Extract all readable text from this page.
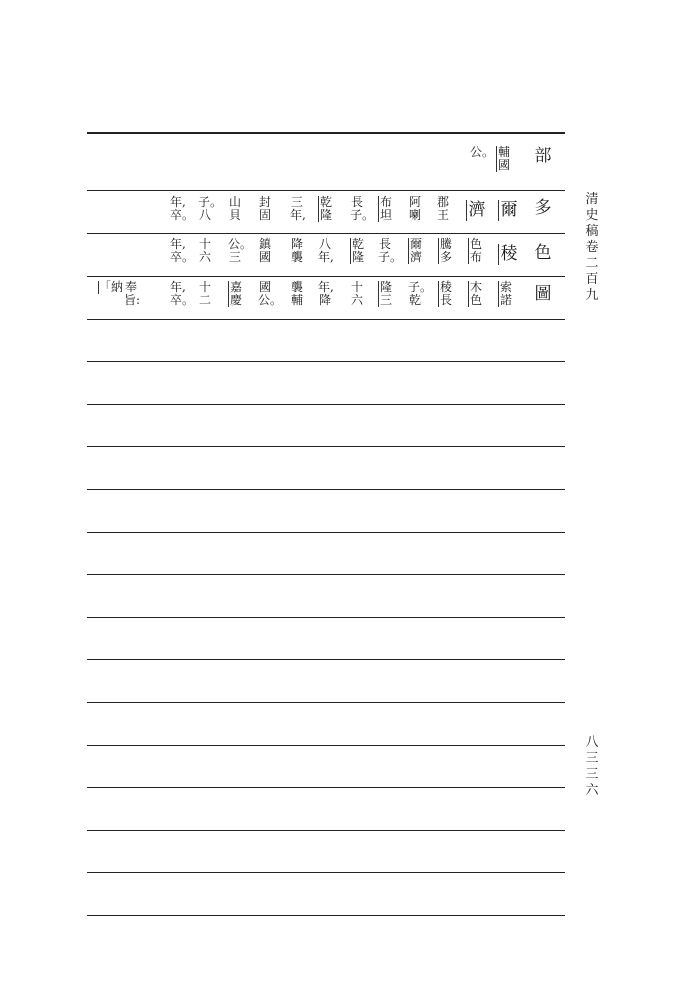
清史稿卷二百九
八三三六
部
多
色
圖
輔國
公。
爾
濟
郡王
阿喇
布坦
長子。
乾隆
三年,
封固
山貝
子。八
年,卒。
稜
色布
騰多
爾濟
長子。
乾隆
八年,
降襲
鎮國
公。三
十六
年,卒。
索諾
木色
稜長
子。乾
隆三
十六
年,降
襲輔
國公。
嘉慶
十二
年,卒。
奉旨:
「納
